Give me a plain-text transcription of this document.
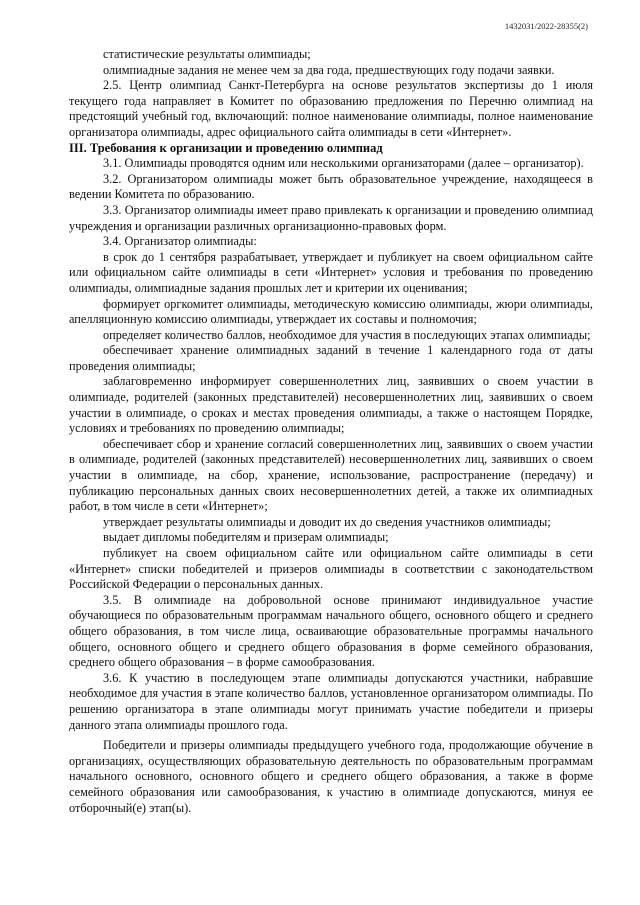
1432031/2022-28355(2)

статистические результаты олимпиады;

олимпиадные задания не менее чем за два года, предшествующих году подачи заявки.

2.5. Центр олимпиад Санкт-Петербурга на основе результатов экспертизы до 1 июля текущего года направляет в Комитет по образованию предложения по Перечню олимпиад на предстоящий учебный год, включающий: полное наименование олимпиады, полное наименование организатора олимпиады, адрес официального сайта олимпиады в сети «Интернет».

III. Требования к организации и проведению олимпиад

3.1. Олимпиады проводятся одним или несколькими организаторами (далее – организатор).

3.2. Организатором олимпиады может быть образовательное учреждение, находящееся в ведении Комитета по образованию.

3.3. Организатор олимпиады имеет право привлекать к организации и проведению олимпиад учреждения и организации различных организационно-правовых форм.

3.4. Организатор олимпиады:

в срок до 1 сентября разрабатывает, утверждает и публикует на своем официальном сайте или официальном сайте олимпиады в сети «Интернет» условия и требования по проведению олимпиады, олимпиадные задания прошлых лет и критерии их оценивания;

формирует оргкомитет олимпиады, методическую комиссию олимпиады, жюри олимпиады, апелляционную комиссию олимпиады, утверждает их составы и полномочия;

определяет количество баллов, необходимое для участия в последующих этапах олимпиады;

обеспечивает хранение олимпиадных заданий в течение 1 календарного года от даты проведения олимпиады;

заблаговременно информирует совершеннолетних лиц, заявивших о своем участии в олимпиаде, родителей (законных представителей) несовершеннолетних лиц, заявивших о своем участии в олимпиаде, о сроках и местах проведения олимпиады, а также о настоящем Порядке, условиях и требованиях по проведению олимпиады;

обеспечивает сбор и хранение согласий совершеннолетних лиц, заявивших о своем участии в олимпиаде, родителей (законных представителей) несовершеннолетних лиц, заявивших о своем участии в олимпиаде, на сбор, хранение, использование, распространение (передачу) и публикацию персональных данных своих несовершеннолетних детей, а также их олимпиадных работ, в том числе в сети «Интернет»;

утверждает результаты олимпиады и доводит их до сведения участников олимпиады;

выдает дипломы победителям и призерам олимпиады;

публикует на своем официальном сайте или официальном сайте олимпиады в сети «Интернет» списки победителей и призеров олимпиады в соответствии с законодательством Российской Федерации о персональных данных.

3.5. В олимпиаде на добровольной основе принимают индивидуальное участие обучающиеся по образовательным программам начального общего, основного общего и среднего общего образования, в том числе лица, осваивающие образовательные программы начального общего, основного общего и среднего общего образования в форме семейного образования, среднего общего образования – в форме самообразования.

3.6. К участию в последующем этапе олимпиады допускаются участники, набравшие необходимое для участия в этапе количество баллов, установленное организатором олимпиады. По решению организатора в этапе олимпиады могут принимать участие победители и призеры данного этапа олимпиады прошлого года.

Победители и призеры олимпиады предыдущего учебного года, продолжающие обучение в организациях, осуществляющих образовательную деятельность по образовательным программам начального основного, основного общего и среднего общего образования, а также в форме семейного образования или самообразования, к участию в олимпиаде допускаются, минуя ее отборочный(е) этап(ы).
